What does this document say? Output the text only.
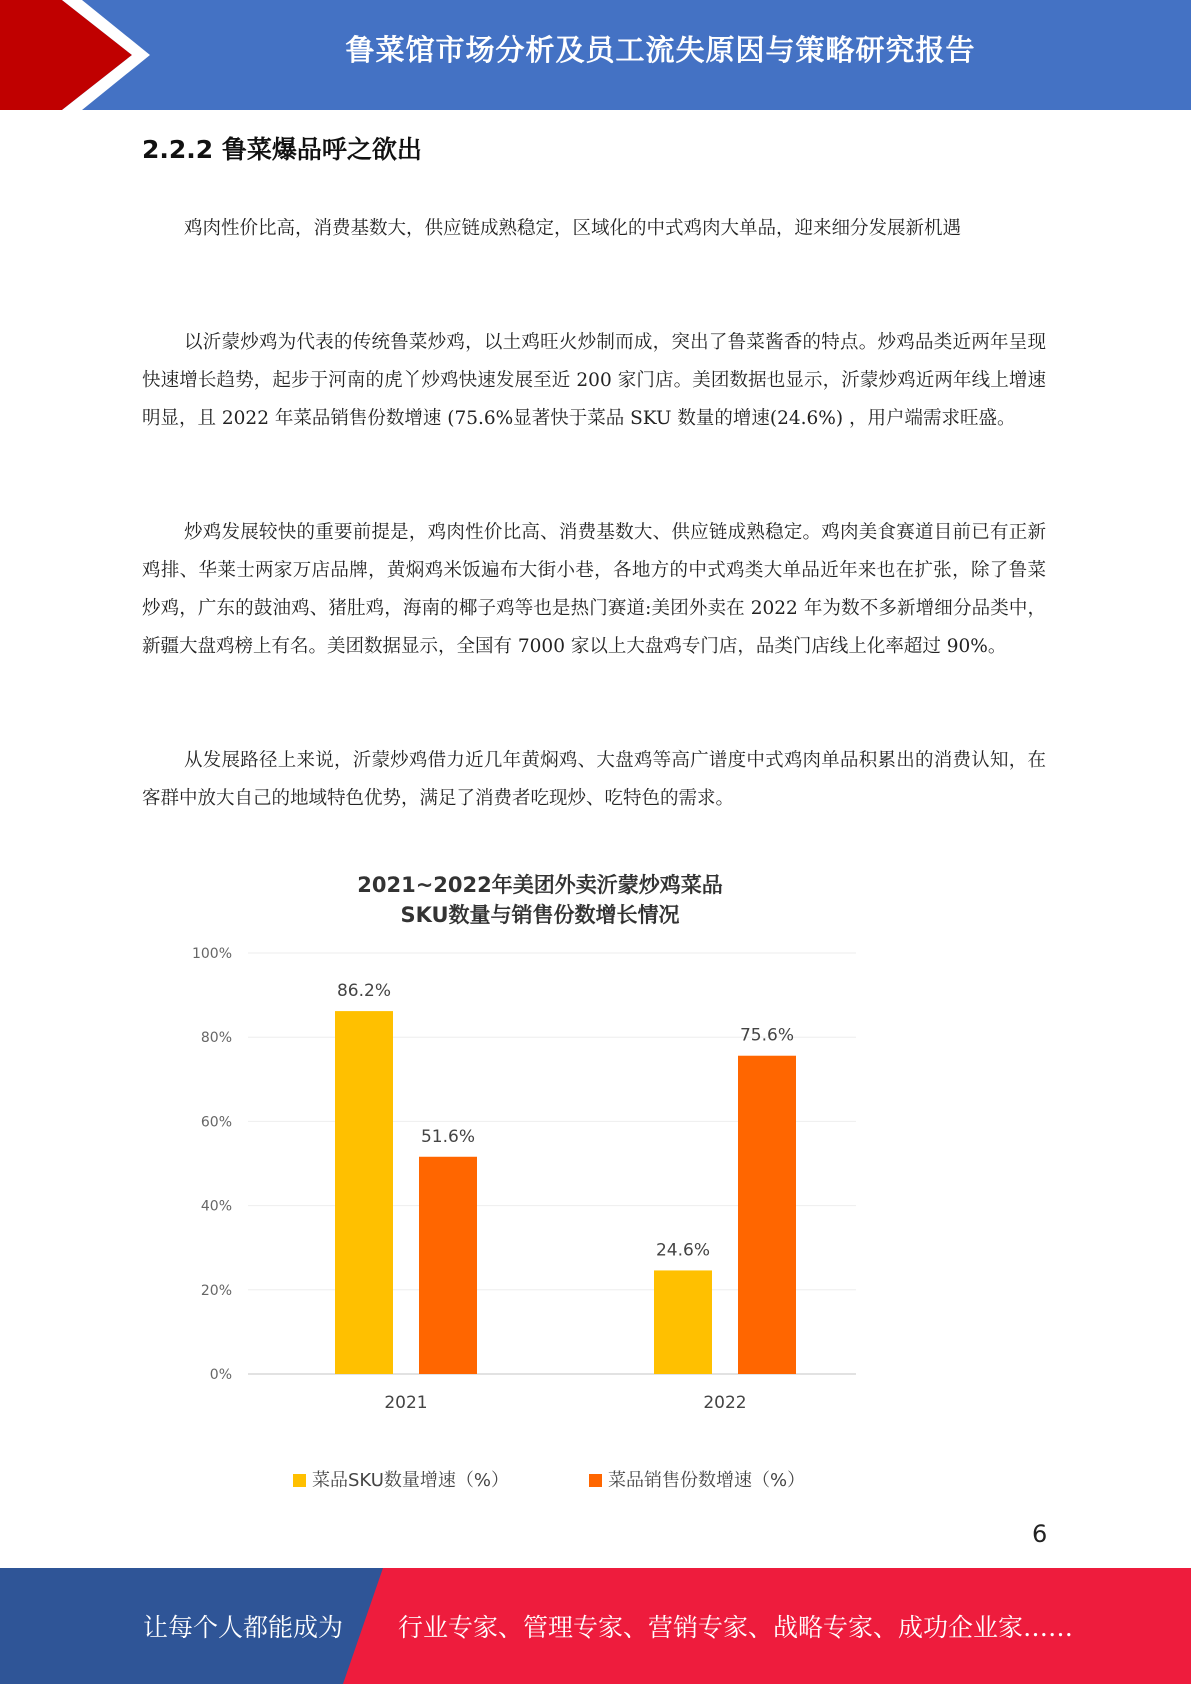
鲁菜馆市场分析及员工流失原因与策略研究报告
2.2.2 鲁菜爆品呼之欲出

鸡肉性价比高，消费基数大，供应链成熟稳定，区域化的中式鸡肉大单品，迎来细分发展新机遇

以沂蒙炒鸡为代表的传统鲁菜炒鸡，以土鸡旺火炒制而成，突出了鲁菜酱香的特点。炒鸡品类近两年呈现快速增长趋势，起步于河南的虎丫炒鸡快速发展至近 200 家门店。美团数据也显示，沂蒙炒鸡近两年线上增速明显，且 2022 年菜品销售份数增速 (75.6%显著快于菜品 SKU 数量的增速(24.6%) ，用户端需求旺盛。

炒鸡发展较快的重要前提是，鸡肉性价比高、消费基数大、供应链成熟稳定。鸡肉美食赛道目前已有正新鸡排、华莱士两家万店品牌，黄焖鸡米饭遍布大街小巷，各地方的中式鸡类大单品近年来也在扩张，除了鲁菜炒鸡，广东的鼓油鸡、猪肚鸡，海南的椰子鸡等也是热门赛道:美团外卖在 2022 年为数不多新增细分品类中，新疆大盘鸡榜上有名。美团数据显示，全国有 7000 家以上大盘鸡专门店，品类门店线上化率超过 90%。

从发展路径上来说，沂蒙炒鸡借力近几年黄焖鸡、大盘鸡等高广谱度中式鸡肉单品积累出的消费认知，在客群中放大自己的地域特色优势，满足了消费者吃现炒、吃特色的需求。

2021~2022年美团外卖沂蒙炒鸡菜品
SKU数量与销售份数增长情况
0%
20%
40%
60%
80%
100%
2021
86.2%
51.6%
2022
24.6%
75.6%
菜品SKU数量增速（%）	菜品销售份数增速（%）
6
让每个人都能成为 行业专家、管理专家、营销专家、战略专家、成功企业家……
